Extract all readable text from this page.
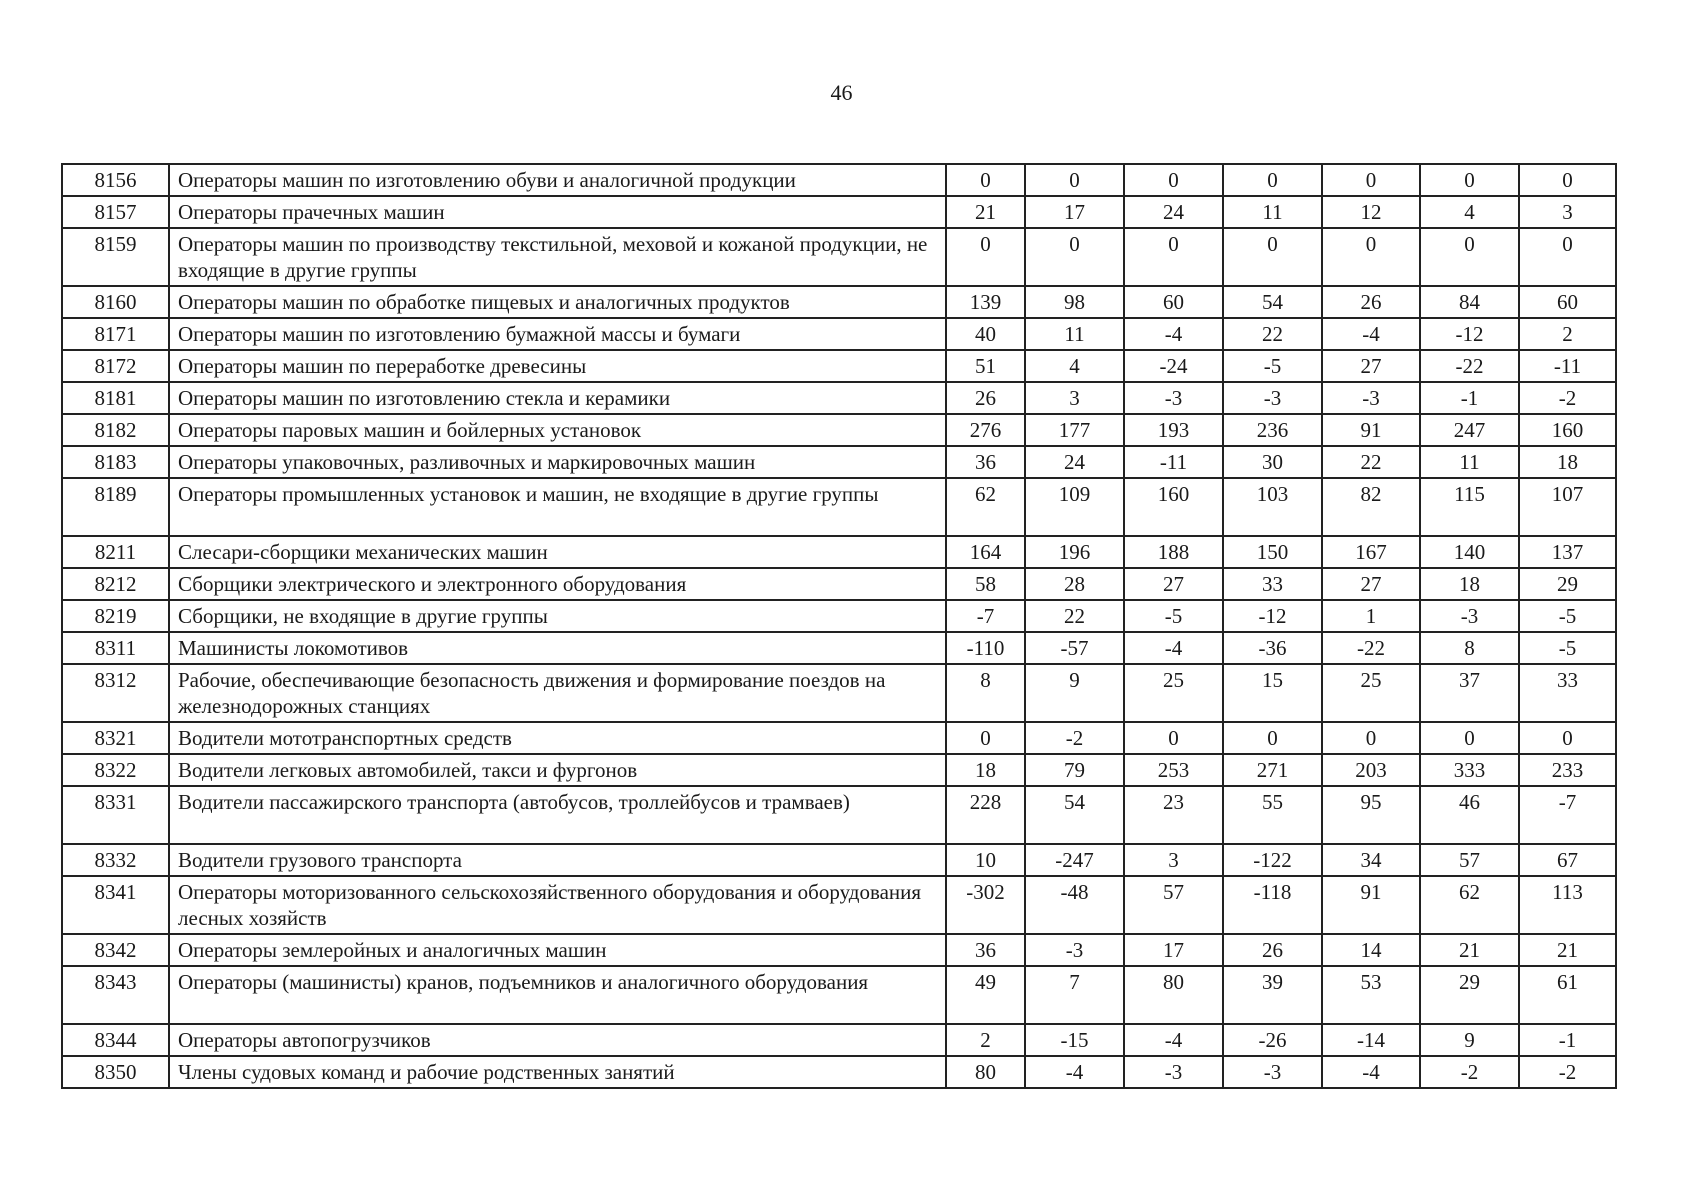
46
8156	Операторы машин по изготовлению обуви и аналогичной продукции	0	0	0	0	0	0	0
8157	Операторы прачечных машин	21	17	24	11	12	4	3
8159	Операторы машин по производству текстильной, меховой и кожаной продукции, не входящие в другие группы	0	0	0	0	0	0	0
8160	Операторы машин по обработке пищевых и аналогичных продуктов	139	98	60	54	26	84	60
8171	Операторы машин по изготовлению бумажной массы и бумаги	40	11	-4	22	-4	-12	2
8172	Операторы машин по переработке древесины	51	4	-24	-5	27	-22	-11
8181	Операторы машин по изготовлению стекла и керамики	26	3	-3	-3	-3	-1	-2
8182	Операторы паровых машин и бойлерных установок	276	177	193	236	91	247	160
8183	Операторы упаковочных, разливочных и маркировочных машин	36	24	-11	30	22	11	18
8189	Операторы промышленных установок и машин, не входящие в другие группы	62	109	160	103	82	115	107
8211	Слесари-сборщики механических машин	164	196	188	150	167	140	137
8212	Сборщики электрического и электронного оборудования	58	28	27	33	27	18	29
8219	Сборщики, не входящие в другие группы	-7	22	-5	-12	1	-3	-5
8311	Машинисты локомотивов	-110	-57	-4	-36	-22	8	-5
8312	Рабочие, обеспечивающие безопасность движения и формирование поездов на железнодорожных станциях	8	9	25	15	25	37	33
8321	Водители мототранспортных средств	0	-2	0	0	0	0	0
8322	Водители легковых автомобилей, такси и фургонов	18	79	253	271	203	333	233
8331	Водители пассажирского транспорта (автобусов, троллейбусов и трамваев)	228	54	23	55	95	46	-7
8332	Водители грузового транспорта	10	-247	3	-122	34	57	67
8341	Операторы моторизованного сельскохозяйственного оборудования и оборудования лесных хозяйств	-302	-48	57	-118	91	62	113
8342	Операторы землеройных и аналогичных машин	36	-3	17	26	14	21	21
8343	Операторы (машинисты) кранов, подъемников и аналогичного оборудования	49	7	80	39	53	29	61
8344	Операторы автопогрузчиков	2	-15	-4	-26	-14	9	-1
8350	Члены судовых команд и рабочие родственных занятий	80	-4	-3	-3	-4	-2	-2
